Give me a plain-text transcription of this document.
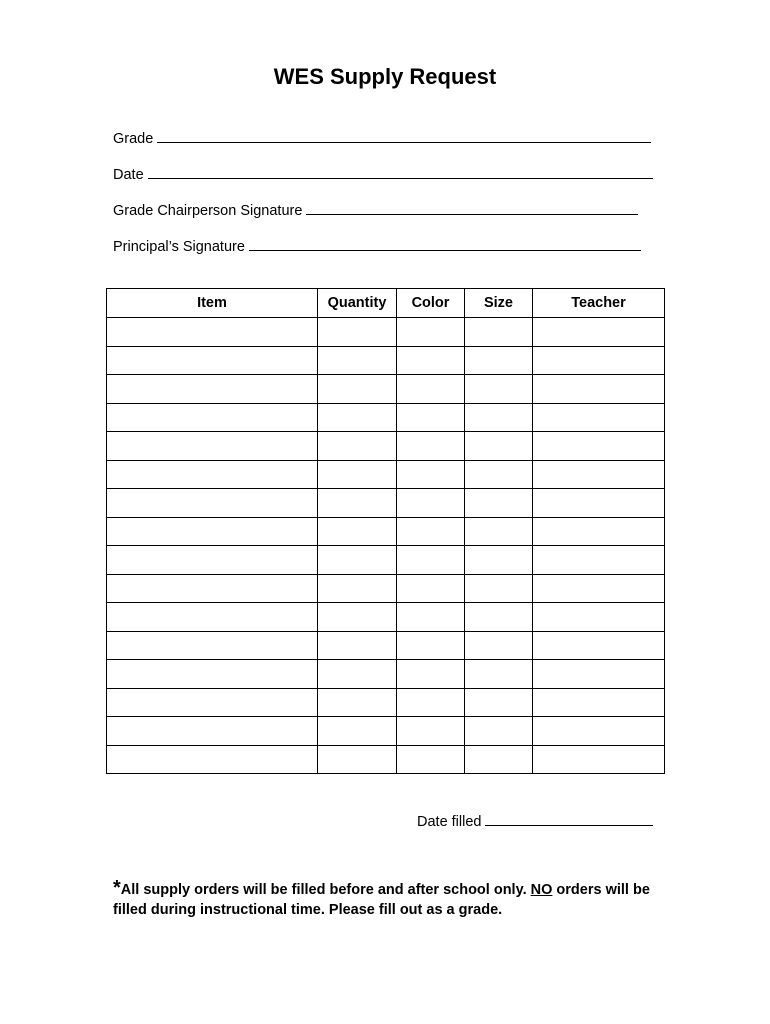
WES Supply Request
Grade
Date
Grade Chairperson Signature
Principal’s Signature
Item	Quantity	Color	Size	Teacher

Date filled
*All supply orders will be filled before and after school only. NO orders will be filled during instructional time. Please fill out as a grade.
